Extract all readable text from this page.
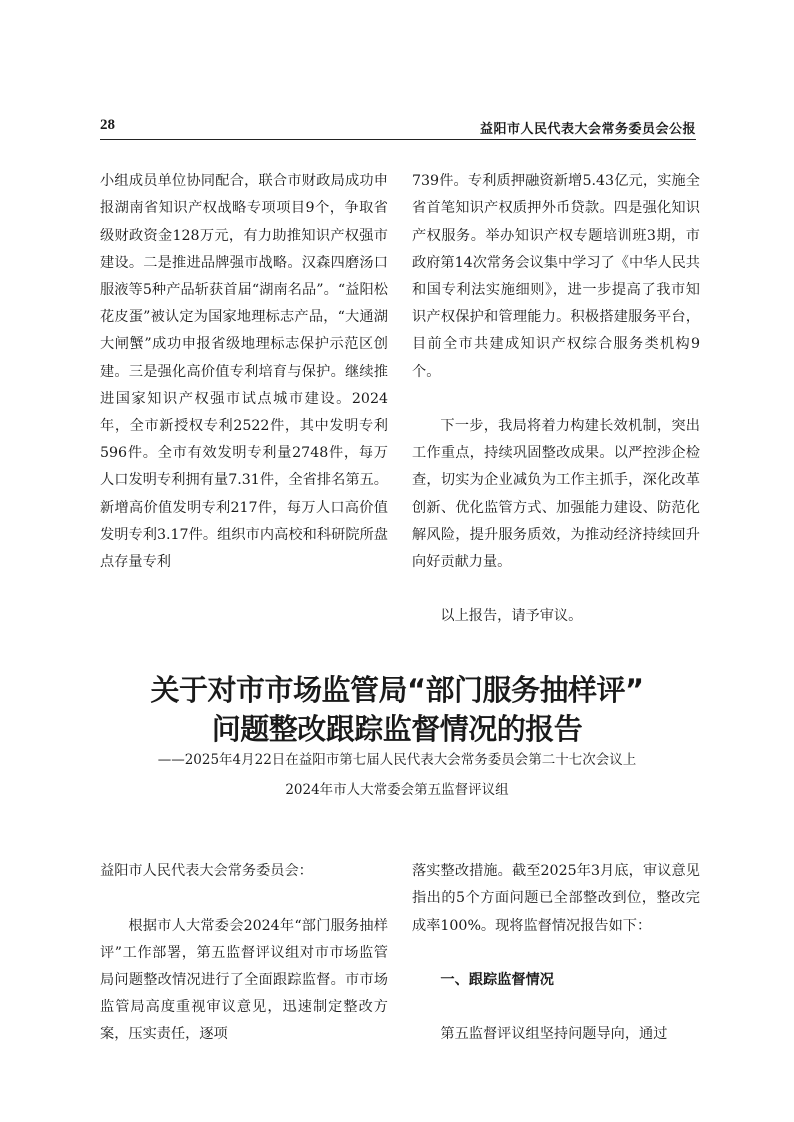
28	益阳市人民代表大会常务委员会公报

小组成员单位协同配合，联合市财政局成功申报湖南省知识产权战略专项项目9个，争取省级财政资金128万元，有力助推知识产权强市建设。二是推进品牌强市战略。汉森四磨汤口服液等5种产品斩获首届“湖南名品”。“益阳松花皮蛋”被认定为国家地理标志产品，“大通湖大闸蟹”成功申报省级地理标志保护示范区创建。三是强化高价值专利培育与保护。继续推进国家知识产权强市试点城市建设。2024年，全市新授权专利2522件，其中发明专利596件。全市有效发明专利量2748件，每万人口发明专利拥有量7.31件，全省排名第五。新增高价值发明专利217件，每万人口高价值发明专利3.17件。组织市内高校和科研院所盘点存量专利

739件。专利质押融资新增5.43亿元，实施全省首笔知识产权质押外币贷款。四是强化知识产权服务。举办知识产权专题培训班3期，市政府第14次常务会议集中学习了《中华人民共和国专利法实施细则》，进一步提高了我市知识产权保护和管理能力。积极搭建服务平台，目前全市共建成知识产权综合服务类机构9个。

下一步，我局将着力构建长效机制，突出工作重点，持续巩固整改成果。以严控涉企检查，切实为企业减负为工作主抓手，深化改革创新、优化监管方式、加强能力建设、防范化解风险，提升服务质效，为推动经济持续回升向好贡献力量。

以上报告，请予审议。

关于对市市场监管局“部门服务抽样评”
问题整改跟踪监督情况的报告

——2025年4月22日在益阳市第七届人民代表大会常务委员会第二十七次会议上

2024年市人大常委会第五监督评议组

益阳市人民代表大会常务委员会：

根据市人大常委会2024年“部门服务抽样评”工作部署，第五监督评议组对市市场监管局问题整改情况进行了全面跟踪监督。市市场监管局高度重视审议意见，迅速制定整改方案，压实责任，逐项

落实整改措施。截至2025年3月底，审议意见指出的5个方面问题已全部整改到位，整改完成率100%。现将监督情况报告如下：

一、跟踪监督情况

第五监督评议组坚持问题导向，通过
